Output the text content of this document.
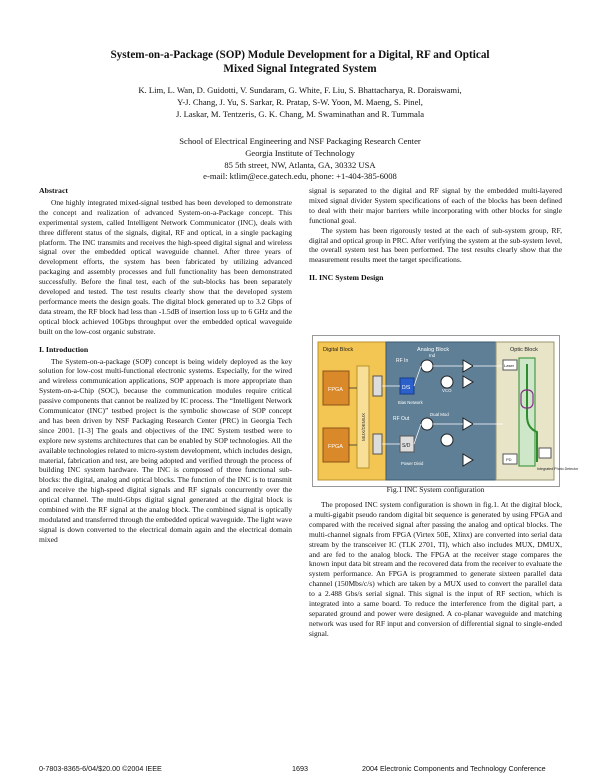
System-on-a-Package (SOP) Module Development for a Digital, RF and Optical
Mixed Signal Integrated System
K. Lim, L. Wan, D. Guidotti, V. Sundaram, G. White, F. Liu, S. Bhattacharya, R. Doraiswami,
Y-J. Chang, J. Yu, S. Sarkar, R. Pratap, S-W. Yoon, M. Maeng, S. Pinel,
J. Laskar, M. Tentzeris, G. K. Chang, M. Swaminathan and R. Tummala
School of Electrical Engineering and NSF Packaging Research Center
Georgia Institute of Technology
85 5th street, NW, Atlanta, GA, 30332 USA
e-mail: ktlim@ece.gatech.edu, phone: +1-404-385-6008
Abstract

One highly integrated mixed-signal testbed has been developed to demonstrate the concept and realization of advanced System-on-a-Package concept. This experimental system, called Intelligent Network Communicator (INC), deals with three different status of the signals, digital, RF and optical, in a single packaging platform. The INC transmits and receives the high-speed digital signal and wireless signal over the embedded optical waveguide channel. After three years of development efforts, the system has been fabricated by utilizing advanced packaging and assembly processes and full functionality has been demonstrated successfully. Before the final test, each of the sub-blocks has been separately developed and tested. The test results clearly show that the developed system performance meets the design goals. The digital block generated up to 3.2 Gbps of data stream, the RF block had less than -1.5dB of insertion loss up to 6 GHz and the optical block achieved 10Gbps throughput over the embedded optical waveguide built on the low-cost organic substrate.

I. Introduction

The System-on-a-package (SOP) concept is being widely deployed as the key solution for low-cost multi-functional electronic systems. Especially, for the wired and wireless communication applications, SOP approach is more appropriate than System-on-a-Chip (SOC), because the communication modules require critical passive components that cannot be realized by IC process. The “Intelligent Network Communicator (INC)” testbed project is the symbolic showcase of SOP concept and has been driven by NSF Packaging Research Center (PRC) in Georgia Tech since 2001. [1-3] The goals and objectives of the INC System testbed were to explore new systems architectures that can be enabled by SOP technologies. All the available technologies related to micro-system development, which includes design, material, fabrication and test, are being adopted and verified through the process of building INC system hardware. The INC is composed of three functional sub-blocks: the digital, analog and optical blocks. The function of the INC is to transmit and receive the high-speed digital signals and RF signals concurrently over the optical channel. The multi-Gbps digital signal generated at the digital block is combined with the RF signal at the analog block. The combined signal is optically modulated and transferred through the embedded optical waveguide. The light wave signal is down converted to the electrical domain again and the electrical domain mixed

signal is separated to the digital and RF signal by the embedded multi-layered mixed signal divider System specifications of each of the blocks has been defined to deal with their major barriers while incorporating with other blocks for single functional goal.

The system has been rigorously tested at the each of sub-system group, RF, digital and optical group in PRC. After verifying the system at the sub-system level, the overall system test has been performed. The test results clearly show that the measurement results meet the target specifications.

II. INC System Design
Digital Block	Analog Block	Optic Block
FPGA
FPGA
MUX/DEMUX
D/S
S/D
RF In
RF Out
Bias Network
Power Divid
Ind
Dual Mod
VCO
Laser
PD
Integrated Photo Detector
Fig.1 INC System configuration

The proposed INC system configuration is shown in fig.1. At the digital block, a multi-gigabit pseudo random digital bit sequence is generated by using FPGA and compared with the received signal after passing the analog and optical blocks. The multi-channel signals from FPGA (Virtex 50E, Xlinx) are converted into serial data stream by the transceiver IC (TLK 2701, TI), which also includes MUX, DMUX, and are fed to the analog block. The FPGA at the receiver stage compares the known input data bit stream and the recovered data from the receiver to evaluate the system performance. An FPGA is programmed to generate sixteen parallel data channel (150Mbs/c/s) which are taken by a MUX used to convert the parallel data to a 2.488 Gbs/s serial signal. This signal is the input of RF section, which is integrated into a same board. To reduce the interference from the digital part, a separated ground and power were designed. A co-planar waveguide and matching network was used for RF input and conversion of differential signal to single-ended signal.

0-7803-8365-6/04/$20.00 ©2004 IEEE	1693	2004 Electronic Components and Technology Conference
